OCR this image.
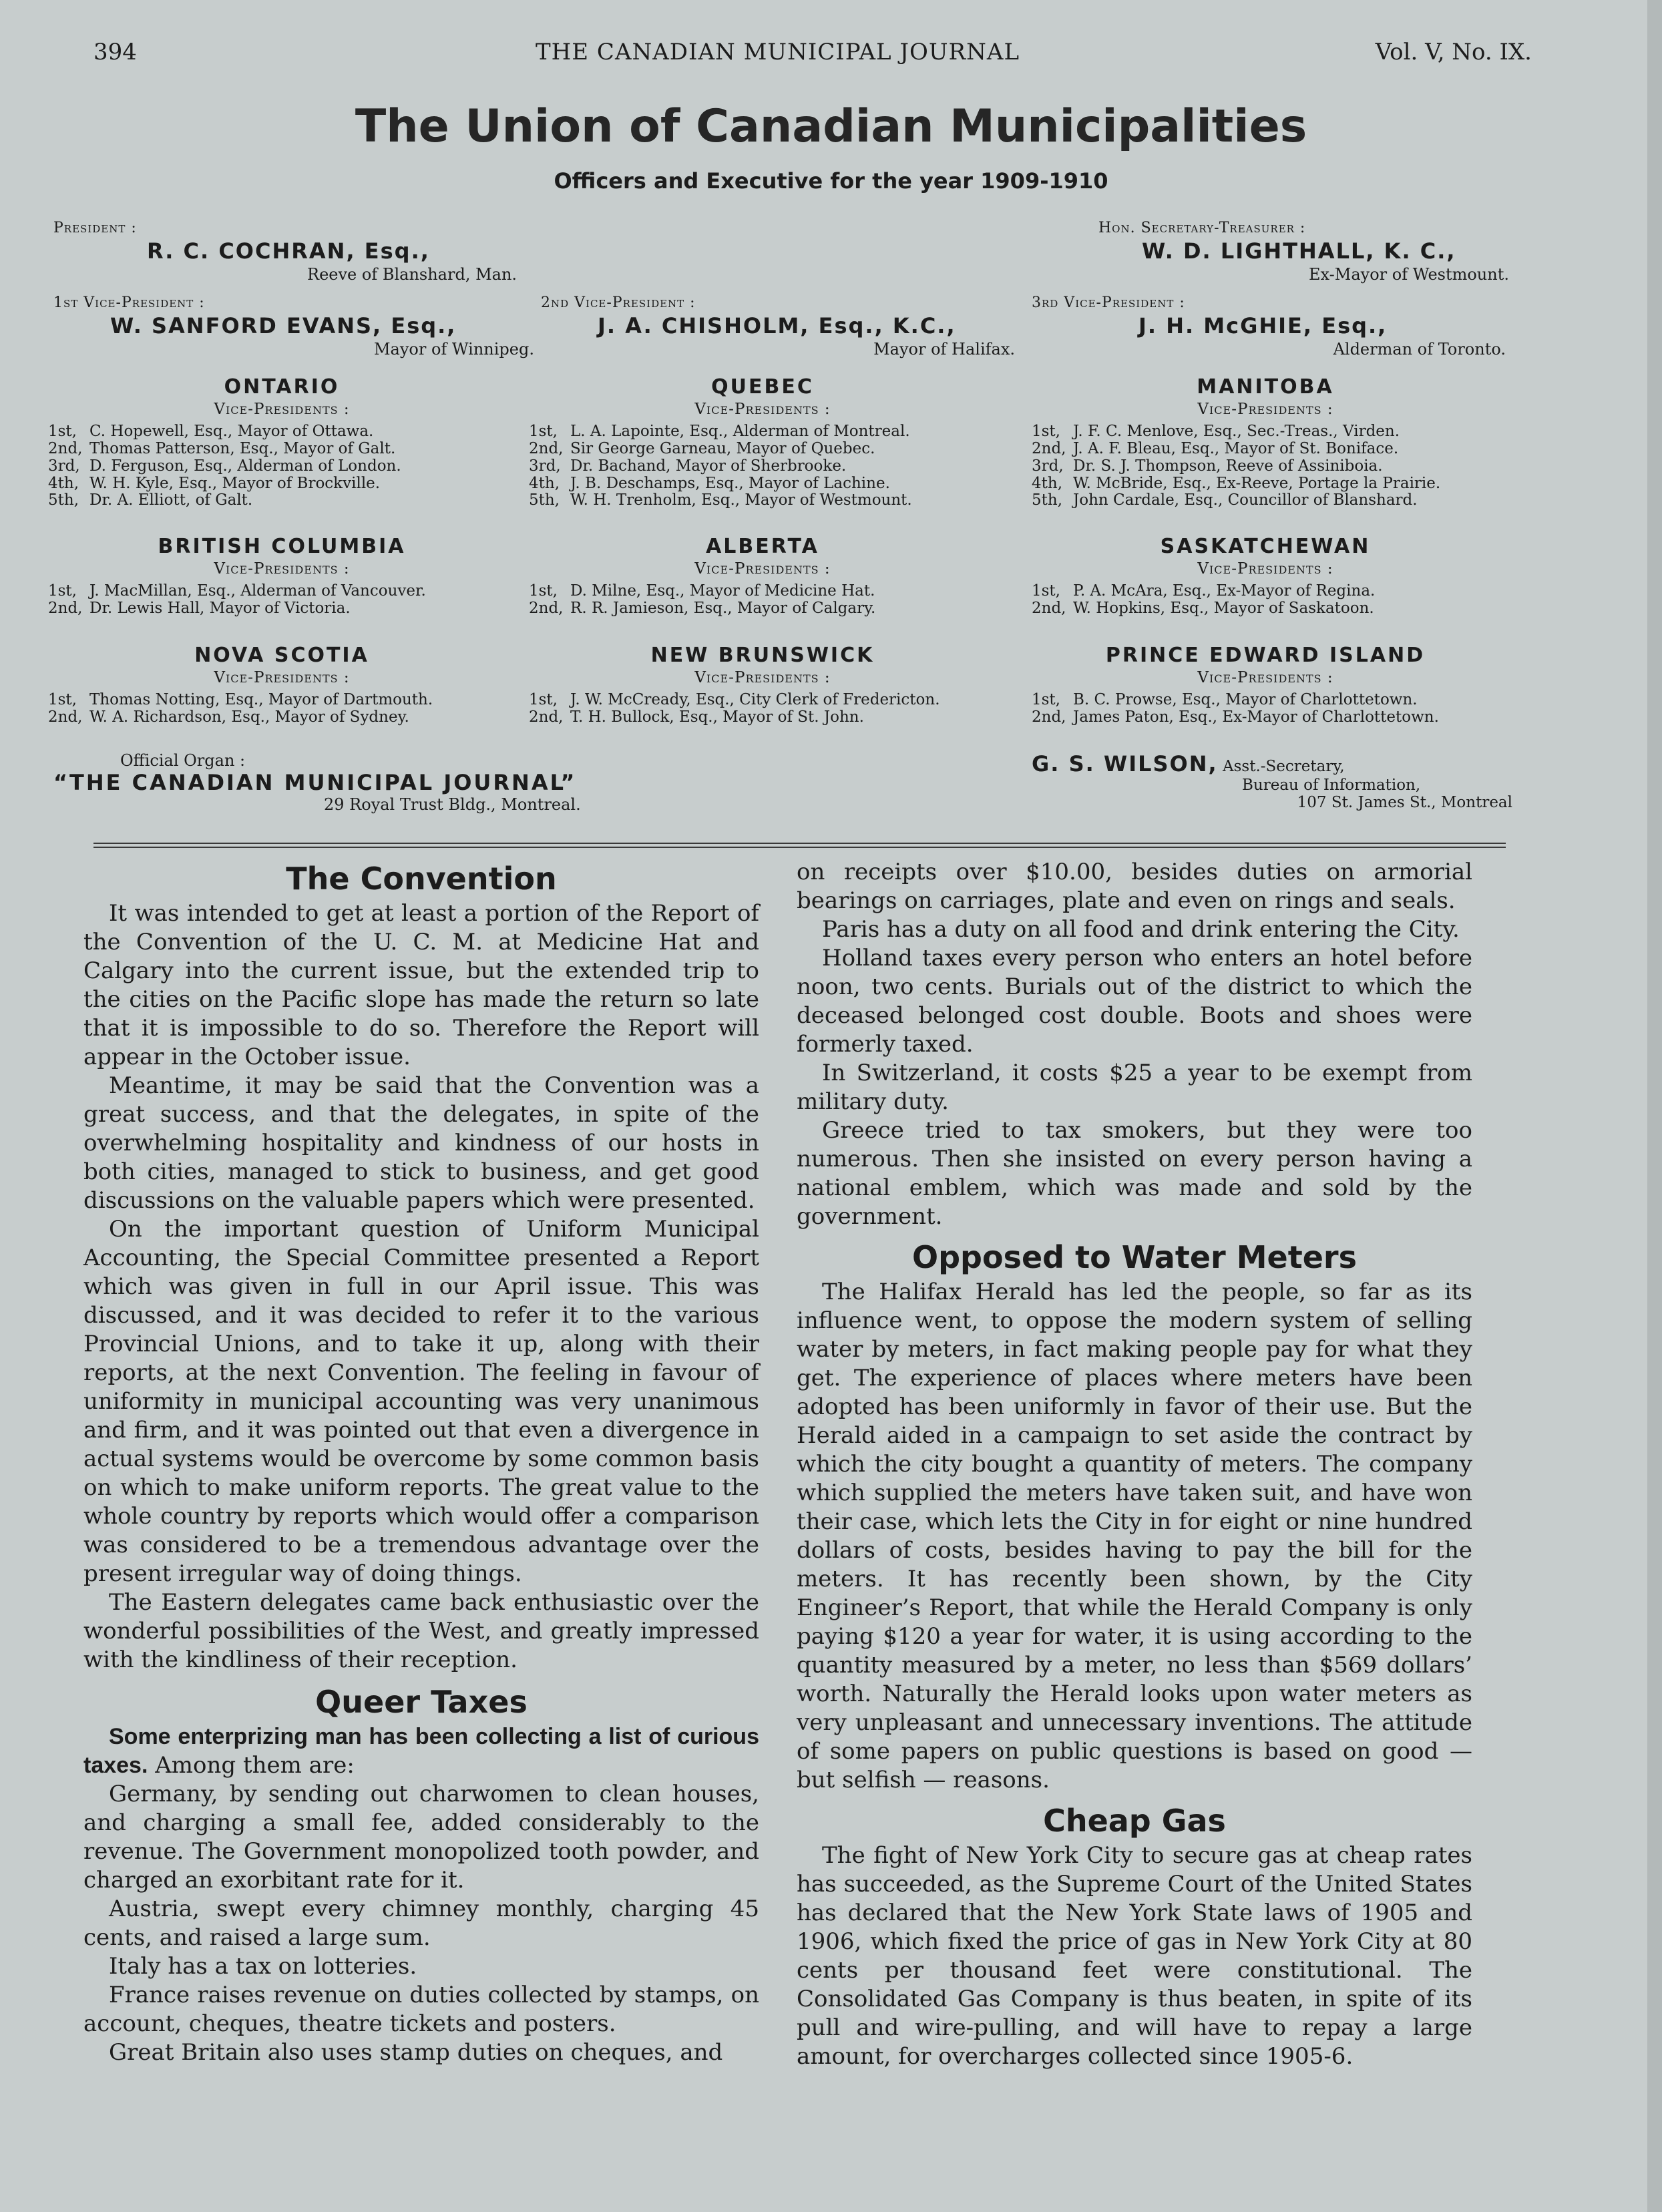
394	THE CANADIAN MUNICIPAL JOURNAL	Vol. V, No. IX.
The Union of Canadian Municipalities
Officers and Executive for the year 1909-1910
President :
R. C. COCHRAN, Esq.,
Reeve of Blanshard, Man.
Hon. Secretary-Treasurer :
W. D. LIGHTHALL, K. C.,
Ex-Mayor of Westmount.
1st Vice-President :
W. SANFORD EVANS, Esq.,
Mayor of Winnipeg.
2nd Vice-President :
J. A. CHISHOLM, Esq., K.C.,
Mayor of Halifax.
3rd Vice-President :
J. H. McGHIE, Esq.,
Alderman of Toronto.
ONTARIO
Vice-Presidents :
1st, C. Hopewell, Esq., Mayor of Ottawa.
2nd, Thomas Patterson, Esq., Mayor of Galt.
3rd, D. Ferguson, Esq., Alderman of London.
4th, W. H. Kyle, Esq., Mayor of Brockville.
5th, Dr. A. Elliott, of Galt.
QUEBEC
Vice-Presidents :
1st, L. A. Lapointe, Esq., Alderman of Montreal.
2nd, Sir George Garneau, Mayor of Quebec.
3rd, Dr. Bachand, Mayor of Sherbrooke.
4th, J. B. Deschamps, Esq., Mayor of Lachine.
5th, W. H. Trenholm, Esq., Mayor of Westmount.
MANITOBA
Vice-Presidents :
1st, J. F. C. Menlove, Esq., Sec.-Treas., Virden.
2nd, J. A. F. Bleau, Esq., Mayor of St. Boniface.
3rd, Dr. S. J. Thompson, Reeve of Assiniboia.
4th, W. McBride, Esq., Ex-Reeve, Portage la Prairie.
5th, John Cardale, Esq., Councillor of Blanshard.
BRITISH COLUMBIA
Vice-Presidents :
1st, J. MacMillan, Esq., Alderman of Vancouver.
2nd, Dr. Lewis Hall, Mayor of Victoria.
ALBERTA
Vice-Presidents :
1st, D. Milne, Esq., Mayor of Medicine Hat.
2nd, R. R. Jamieson, Esq., Mayor of Calgary.
SASKATCHEWAN
Vice-Presidents :
1st, P. A. McAra, Esq., Ex-Mayor of Regina.
2nd, W. Hopkins, Esq., Mayor of Saskatoon.
NOVA SCOTIA
Vice-Presidents :
1st, Thomas Notting, Esq., Mayor of Dartmouth.
2nd, W. A. Richardson, Esq., Mayor of Sydney.
NEW BRUNSWICK
Vice-Presidents :
1st, J. W. McCready, Esq., City Clerk of Fredericton.
2nd, T. H. Bullock, Esq., Mayor of St. John.
PRINCE EDWARD ISLAND
Vice-Presidents :
1st, B. C. Prowse, Esq., Mayor of Charlottetown.
2nd, James Paton, Esq., Ex-Mayor of Charlottetown.
Official Organ :
“THE CANADIAN MUNICIPAL JOURNAL”
29 Royal Trust Bldg., Montreal.
G. S. WILSON, Asst.-Secretary,
Bureau of Information,
107 St. James St., Montreal
The Convention

It was intended to get at least a portion of the Report of the Convention of the U. C. M. at Medicine Hat and Calgary into the current issue, but the extended trip to the cities on the Pacific slope has made the return so late that it is impossible to do so. Therefore the Report will appear in the October issue.

Meantime, it may be said that the Convention was a great success, and that the delegates, in spite of the overwhelming hospitality and kindness of our hosts in both cities, managed to stick to business, and get good discussions on the valuable papers which were presented.

On the important question of Uniform Municipal Accounting, the Special Committee presented a Report which was given in full in our April issue. This was discussed, and it was decided to refer it to the various Provincial Unions, and to take it up, along with their reports, at the next Convention. The feeling in favour of uniformity in municipal accounting was very unanimous and firm, and it was pointed out that even a divergence in actual systems would be overcome by some common basis on which to make uniform reports. The great value to the whole country by reports which would offer a comparison was considered to be a tremendous advantage over the present irregular way of doing things.

The Eastern delegates came back enthusiastic over the wonderful possibilities of the West, and greatly impressed with the kindliness of their reception.

Queer Taxes

Some enterprizing man has been collecting a list of curious taxes. Among them are:

Germany, by sending out charwomen to clean houses, and charging a small fee, added considerably to the revenue. The Government monopolized tooth powder, and charged an exorbitant rate for it.

Austria, swept every chimney monthly, charging 45 cents, and raised a large sum.

Italy has a tax on lotteries.

France raises revenue on duties collected by stamps, on account, cheques, theatre tickets and posters.

Great Britain also uses stamp duties on cheques, and

on receipts over $10.00, besides duties on armorial bearings on carriages, plate and even on rings and seals.

Paris has a duty on all food and drink entering the City.

Holland taxes every person who enters an hotel before noon, two cents. Burials out of the district to which the deceased belonged cost double. Boots and shoes were formerly taxed.

In Switzerland, it costs $25 a year to be exempt from military duty.

Greece tried to tax smokers, but they were too numerous. Then she insisted on every person having a national emblem, which was made and sold by the government.

Opposed to Water Meters

The Halifax Herald has led the people, so far as its influence went, to oppose the modern system of selling water by meters, in fact making people pay for what they get. The experience of places where meters have been adopted has been uniformly in favor of their use. But the Herald aided in a campaign to set aside the contract by which the city bought a quantity of meters. The company which supplied the meters have taken suit, and have won their case, which lets the City in for eight or nine hundred dollars of costs, besides having to pay the bill for the meters. It has recently been shown, by the City Engineer’s Report, that while the Herald Company is only paying $120 a year for water, it is using according to the quantity measured by a meter, no less than $569 dollars’ worth. Naturally the Herald looks upon water meters as very unpleasant and unnecessary inventions. The attitude of some papers on public questions is based on good — but selfish — reasons.

Cheap Gas

The fight of New York City to secure gas at cheap rates has succeeded, as the Supreme Court of the United States has declared that the New York State laws of 1905 and 1906, which fixed the price of gas in New York City at 80 cents per thousand feet were constitutional. The Consolidated Gas Company is thus beaten, in spite of its pull and wire-pulling, and will have to repay a large amount, for overcharges collected since 1905-6.
